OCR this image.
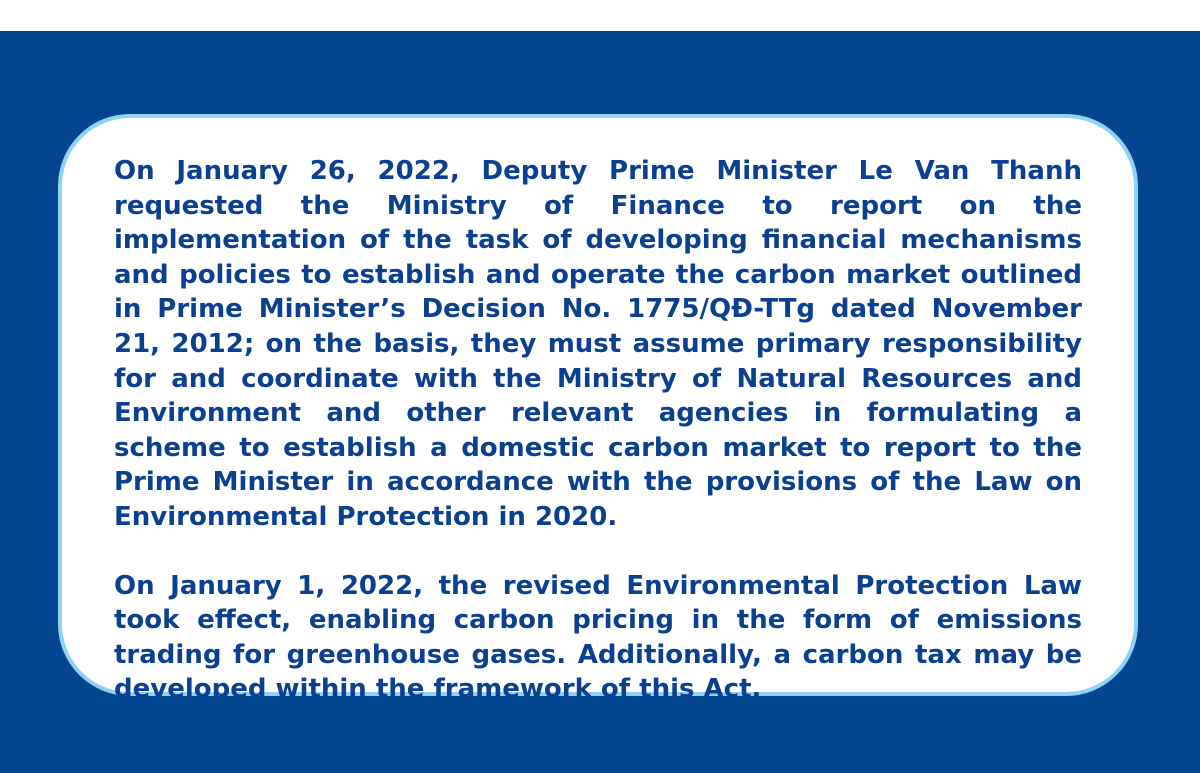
On January 26, 2022, Deputy Prime Minister Le Van Thanh requested the Ministry of Finance to report on the implementation of the task of developing financial mechanisms and policies to establish and operate the carbon market outlined in Prime Minister’s Decision No. 1775/QĐ-TTg dated November 21, 2012; on the basis, they must assume primary responsibility for and coordinate with the Ministry of Natural Resources and Environment and other relevant agencies in formulating a scheme to establish a domestic carbon market to report to the Prime Minister in accordance with the provisions of the Law on Environmental Protection in 2020.

On January 1, 2022, the revised Environmental Protection Law took effect, enabling carbon pricing in the form of emissions trading for greenhouse gases. Additionally, a carbon tax may be developed within the framework of this Act.
